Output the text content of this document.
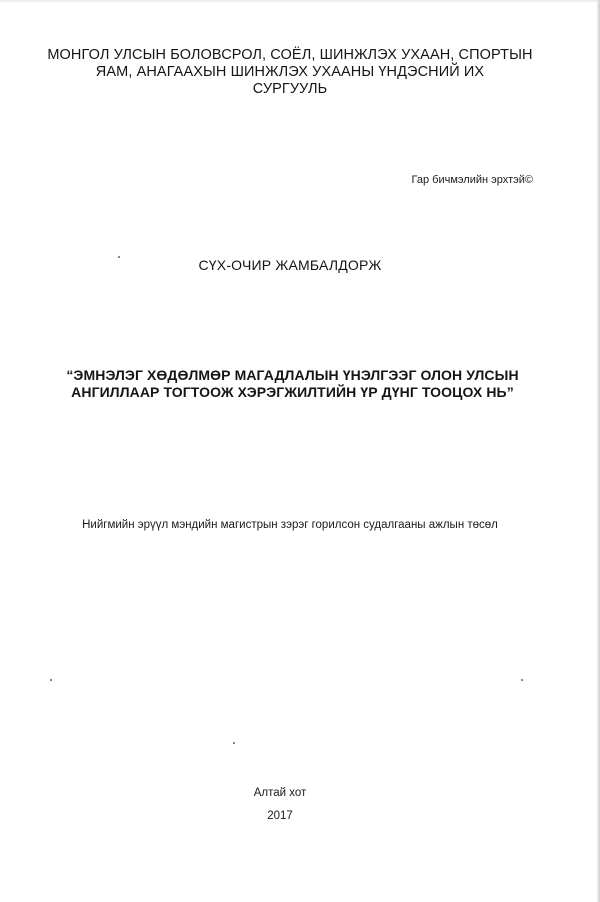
МОНГОЛ УЛСЫН БОЛОВСРОЛ, СОЁЛ, ШИНЖЛЭХ УХААН, СПОРТЫН
ЯАМ, АНАГААХЫН ШИНЖЛЭХ УХААНЫ ҮНДЭСНИЙ ИХ
СУРГУУЛЬ
Гар бичмэлийн эрхтэй©
СҮХ-ОЧИР ЖАМБАЛДОРЖ
“ЭМНЭЛЭГ ХӨДӨЛМӨР МАГАДЛАЛЫН ҮНЭЛГЭЭГ ОЛОН УЛСЫН
АНГИЛЛААР ТОГТООЖ ХЭРЭГЖИЛТИЙН ҮР ДҮНГ ТООЦОХ НЬ”
Нийгмийн эрүүл мэндийн магистрын зэрэг горилсон судалгааны ажлын төсөл
Алтай хот
2017
